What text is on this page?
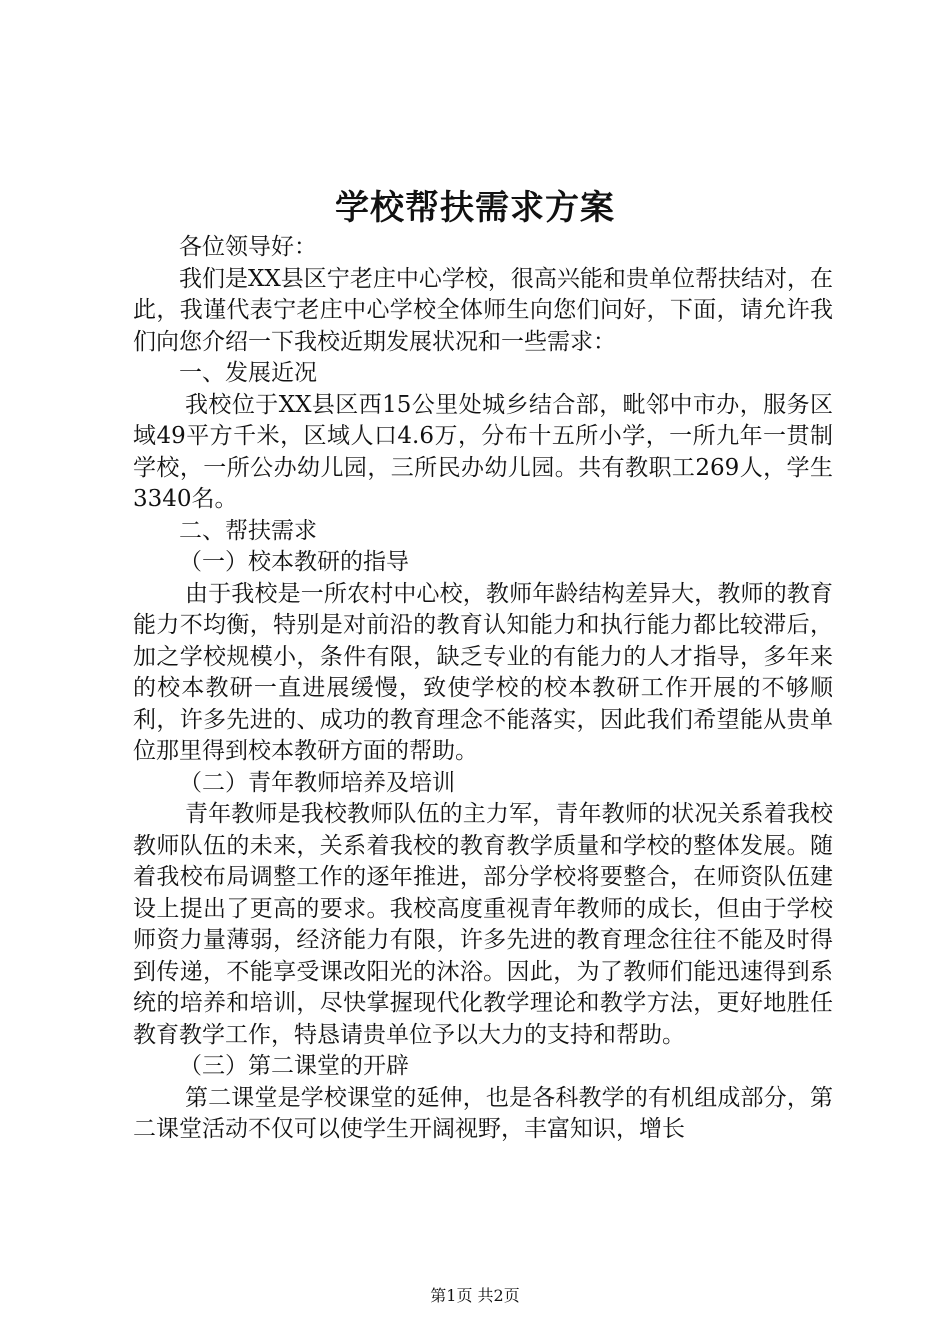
学校帮扶需求方案

各位领导好：

我们是XX县区宁老庄中心学校，很高兴能和贵单位帮扶结对，在此，我谨代表宁老庄中心学校全体师生向您们问好，下面，请允许我们向您介绍一下我校近期发展状况和一些需求：

一、发展近况

我校位于XX县区西15公里处城乡结合部，毗邻中市办，服务区域49平方千米，区域人口4.6万，分布十五所小学，一所九年一贯制学校，一所公办幼儿园，三所民办幼儿园。共有教职工269人，学生3340名。

二、帮扶需求

（一）校本教研的指导

由于我校是一所农村中心校，教师年龄结构差异大，教师的教育能力不均衡，特别是对前沿的教育认知能力和执行能力都比较滞后，加之学校规模小，条件有限，缺乏专业的有能力的人才指导，多年来的校本教研一直进展缓慢，致使学校的校本教研工作开展的不够顺利，许多先进的、成功的教育理念不能落实，因此我们希望能从贵单位那里得到校本教研方面的帮助。

（二）青年教师培养及培训

青年教师是我校教师队伍的主力军，青年教师的状况关系着我校教师队伍的未来，关系着我校的教育教学质量和学校的整体发展。随着我校布局调整工作的逐年推进，部分学校将要整合，在师资队伍建设上提出了更高的要求。我校高度重视青年教师的成长，但由于学校师资力量薄弱，经济能力有限，许多先进的教育理念往往不能及时得到传递，不能享受课改阳光的沐浴。因此，为了教师们能迅速得到系统的培养和培训，尽快掌握现代化教学理论和教学方法，更好地胜任教育教学工作，特恳请贵单位予以大力的支持和帮助。

（三）第二课堂的开辟

第二课堂是学校课堂的延伸，也是各科教学的有机组成部分，第二课堂活动不仅可以使学生开阔视野，丰富知识，增长

第1页 共2页
